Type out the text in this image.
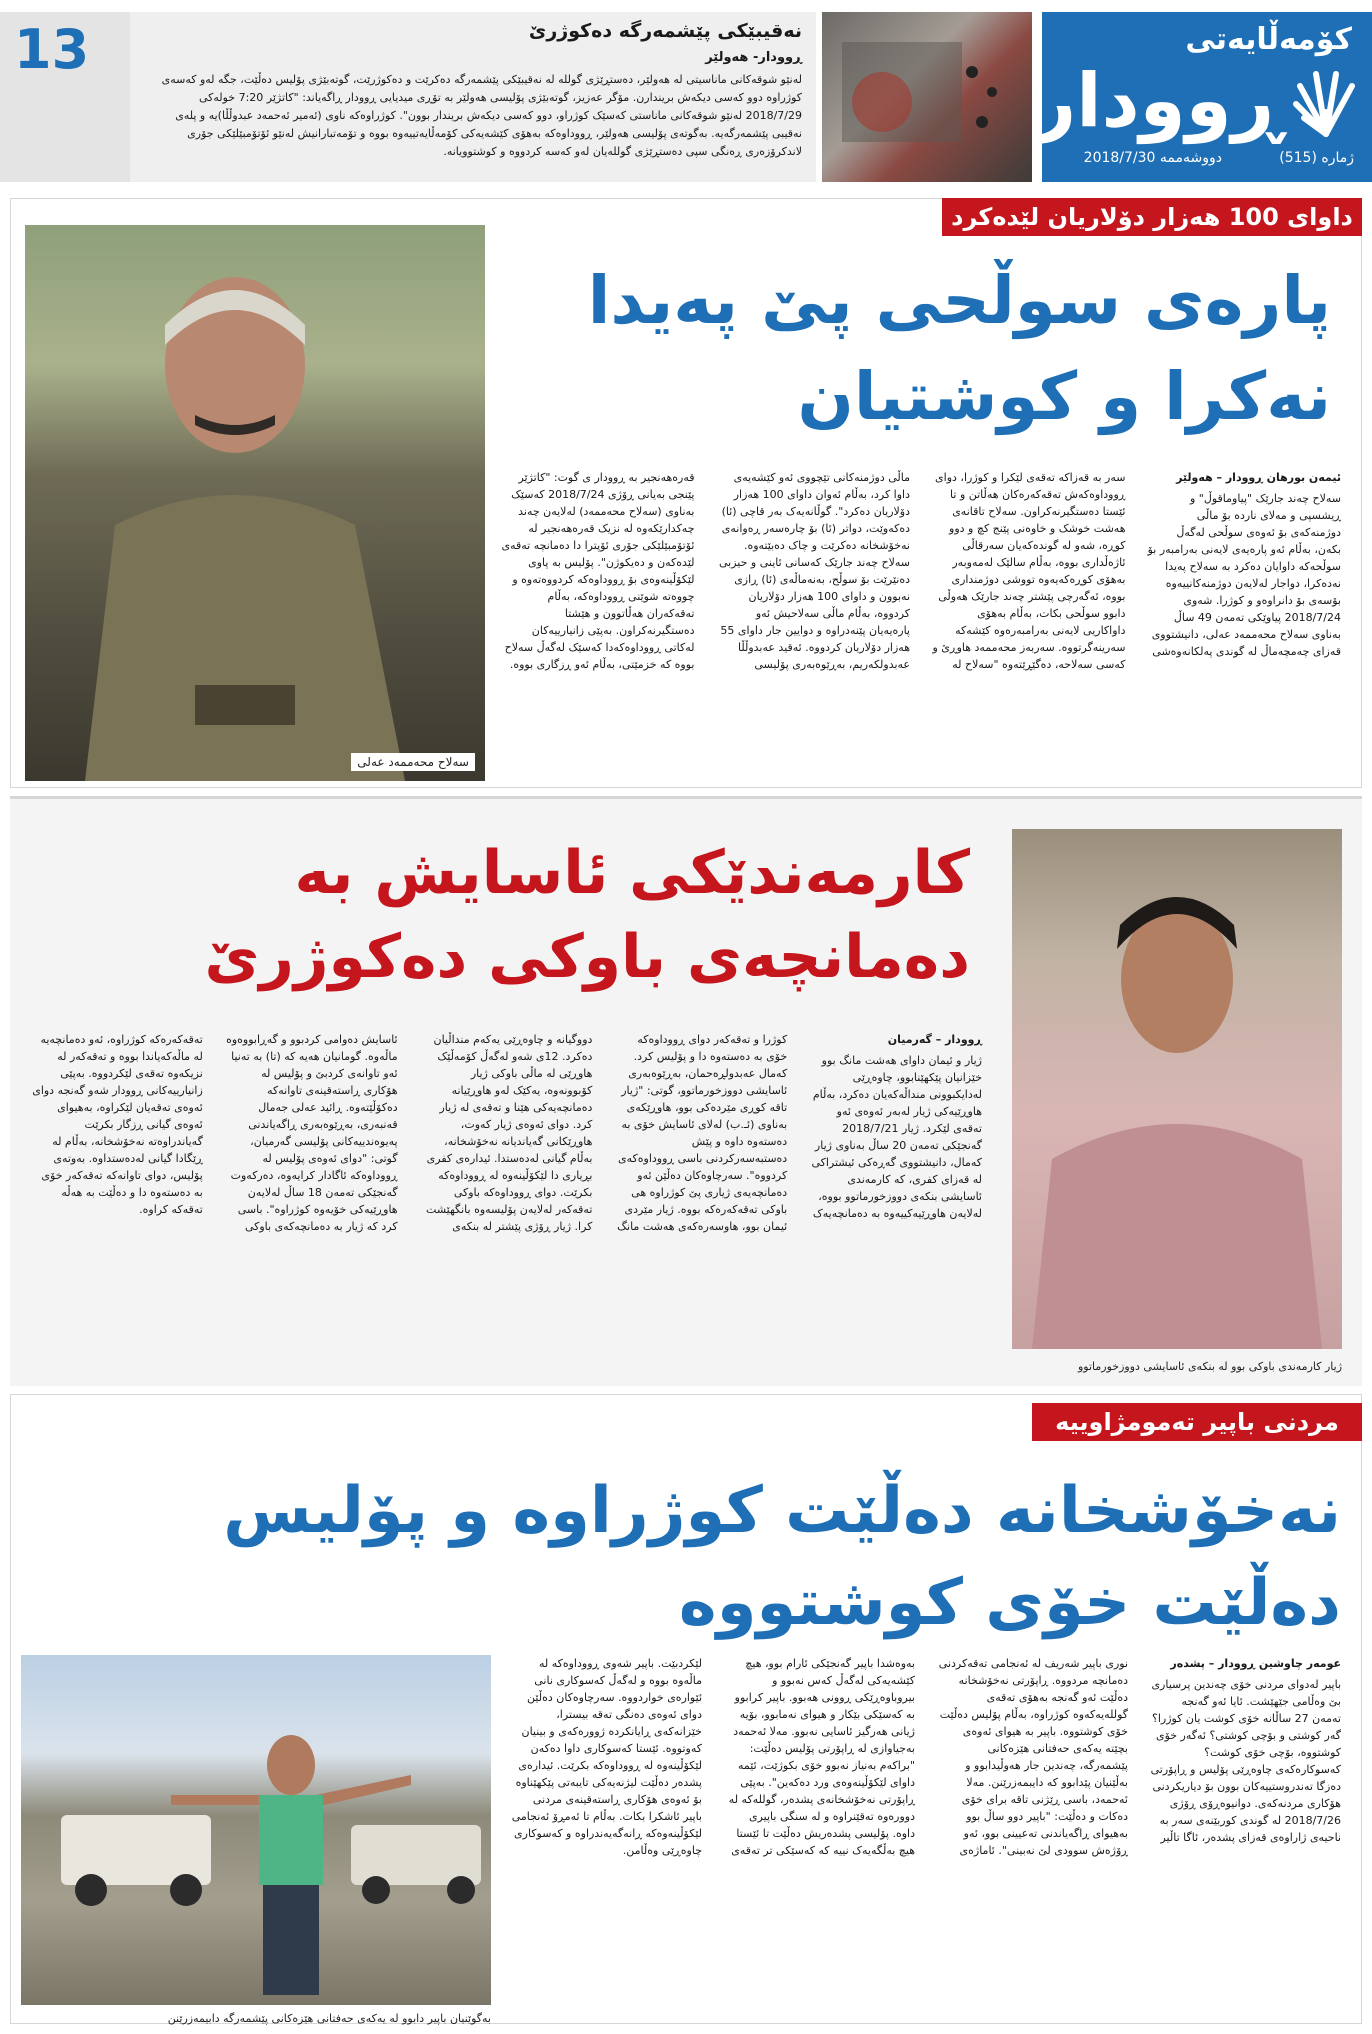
کۆمەڵایەتی
ڕوودار
ژمارە (515)
دووشەممە 2018/7/30
نەقیبێکی پێشمەرگە دەکوژرێ
ڕوودار- هەولێر
لەنێو شوقەکانی ماناسیتی لە هەولێر، دەستڕێژی گوللە لە نەقیبێکی پێشمەرگە دەکرێت و دەکوژرێت، گوتەبێژی پۆلیس دەڵێت، جگە لەو کەسەی کوژراوە دوو کەسی دیکەش بریندارن. مۆگر عەزیز، گوتەبێژی پۆلیسی هەولێر بە تۆڕی میدیایی ڕوودار ڕاگەیاند: "کاتژێر 7:20 خولەکی 2018/7/29 لەنێو شوقەکانی ماناستی کەسێک کوژراو، دوو کەسی دیکەش بریندار بوون". کوژراوەکە ناوی (ئەمیر ئەحمەد عبدوڵڵا)یە و پلەی نەقیبی پێشمەرگەیە. بەگوتەی پۆلیسی هەولێر، ڕووداوەکە بەهۆی کێشەیەکی کۆمەڵایەتییەوە بووە و تۆمەتبارانیش لەنێو ئۆتۆمبێلێکی جۆری لاندکرۆزەری ڕەنگی سپی دەستڕێژی گوللەیان لەو کەسە کردووە و کوشتوویانە.
13
داوای 100 هەزار دۆلاریان لێدەکرد
سەلاح محەممەد عەلی
پارەی سوڵحی پێ پەیدا نەکرا و کوشتیان
ئیمەن بورهان ڕوودار – هەولێر
سەلاح چەند جارێک "پیاوماقوڵ" و ڕیشسپی و مەلای ناردە بۆ ماڵی دوژمنەکەی بۆ ئەوەی سوڵحی لەگەڵ بکەن، بەڵام ئەو پارەیەی لایەنی بەرامبەر بۆ سوڵحەکە داوایان دەکرد بە سەلاح پەیدا نەدەکرا، دواجار لەلایەن دوژمنەکانییەوە بۆسەی بۆ دانراوەو و کوژرا. شەوی 2018/7/24 پیاوێکی تەمەن 49 ساڵ بەناوی سەلاح محەممەد عەلی، دانیشتووی قەزای چەمچەماڵ لە گوندی پەلکانەوەشی سەر بە قەزاکە تەقەی لێکرا و کوژرا، دوای ڕووداوەکەش تەقەکەرەکان هەڵاتن و تا ئێستا دەستگیرنەکراون. سەلاح تاقانەی هەشت خوشک و خاوەنی پێنج کچ و دوو کوڕە، شەو لە گوندەکەیان سەرقاڵی ئاژەڵداری بووە، بەڵام سالێک لەمەوبەر بەهۆی کوڕەکەیەوە تووشی دوژمنداری بووە، ئەگەرچی پێشتر چەند جارێک هەوڵی دابوو سوڵحی بکات، بەڵام بەهۆی داواکاریی لایەنی بەرامبەرەوە کێشەکە سەرینەگرتووە. سەربەز محەممەد هاوڕێ و کەسی سەلاحە، دەگێڕێتەوە "سەلاح لە ماڵی دوژمنەکانی تێچووی ئەو کێشەیەی داوا کرد، بەڵام ئەوان داوای 100 هەزار دۆلاریان دەکرد". گوڵانەیەک بەر قاچی (ئا) دەکەوێت، دواتر (ئا) بۆ چارەسەر ڕەوانەی نەخۆشخانە دەکرێت و چاک دەبێتەوە. سەلاح چەند جارێک کەسانی ئاینی و حیزبی دەنێرێت بۆ سوڵح، بەنەماڵەی (ئا) ڕازی نەبوون و داوای 100 هەزار دۆلاریان کردووە، بەڵام ماڵی سەلاحیش ئەو پارەیەیان پێنەدراوە و دوایین جار داوای 55 هەزار دۆلاریان کردووە. ئەقید عەبدوڵڵا عەبدولکەریم، بەڕێوەبەری پۆلیسی قەرەهەنجیر بە ڕوودار ی گوت: "کاتژێر پێنجی بەیانی ڕۆژی 2018/7/24 کەسێک بەناوی (سەلاح محەممەد) لەلایەن چەند چەکدارێکەوە لە نزیک قەرەهەنجیر لە ئۆتۆمبێلێکی جۆری ئۆپترا دا دەمانچە تەقەی لێدەکەن و دەیکوژن". پۆلیس بە پاوی لێکۆڵینەوەی بۆ ڕووداوەکە کردووەتەوە و چووەتە شوێنی ڕووداوەکە، بەڵام تەقەکەران هەڵاتوون و هێشتا دەستگیرنەکراون. بەپێی زانیارییەکان لەکاتی ڕووداوەکەدا کەسێک لەگەڵ سەلاح بووە کە خزمێتی، بەڵام ئەو ڕزگاری بووە.
ژیار کارمەندی باوکی بوو لە بنکەی ئاسایشی دووزخورماتوو
کارمەندێکی ئاسایش بە دەمانچەی باوکی دەکوژرێ
ڕوودار – گەرمیان
ژیار و ئیمان داوای هەشت مانگ بوو خێزانیان پێکهێنابوو، چاوەڕێی لەدایکبوونی منداڵەکەیان دەکرد، بەڵام هاوڕێیەکی ژیار لەبەر ئەوەی ئەو تەقەی لێکرد. ژیار 2018/7/21 گەنجێکی تەمەن 20 ساڵ بەناوی ژیار کەمال، دانیشتووی گەڕەکی ئیشتراکی لە قەزای کفری، کە کارمەندی ئاسایشی بنکەی دووزخورماتوو بووە، لەلایەن هاوڕێیەکییەوە بە دەمانچەیەک کوژرا و تەقەکەر دوای ڕووداوەکە خۆی بە دەستەوە دا و پۆلیس کرد. کەمال عەبدولڕەحمان، بەڕێوەبەری ئاسایشی دووزخورماتوو، گوتی: "ژیار تاقە کوڕی مێردەکی بوو، هاوڕێکەی بەناوی (ئـ.ب) لەلای ئاسایش خۆی بە دەستەوە داوە و پێش دەستبەسەرکردنی باسی ڕووداوەکەی کردووە". سەرچاوەکان دەڵێن ئەو دەمانچەیەی ژیاری پێ کوژراوە هی باوکی تەقەکەرەکە بووە. ژیار مێردی ئیمان بوو، هاوسەرەکەی هەشت مانگ دووگیانە و چاوەڕێی یەکەم منداڵیان دەکرد. 12ی شەو لەگەڵ کۆمەڵێک هاوڕێی لە ماڵی باوکی ژیار کۆبوونەوە، یەکێک لەو هاوڕێیانە دەمانچەیەکی هێنا و تەقەی لە ژیار کرد. دوای ئەوەی ژیار کەوت، هاوڕێکانی گەیاندیانە نەخۆشخانە، بەڵام گیانی لەدەستدا. ئیدارەی کفری بڕیاری دا لێکۆڵینەوە لە ڕووداوەکە بکرێت. دوای ڕووداوەکە باوکی تەقەکەر لەلایەن پۆلیسەوە بانگهێشت کرا. ژیار ڕۆژی پێشتر لە بنکەی ئاسایش دەوامی کردبوو و گەڕابووەوە ماڵەوە. گومانیان هەیە کە (تا) بە تەنیا ئەو تاوانەی کردبێ و پۆلیس لە هۆکاری ڕاستەقینەی تاوانەکە دەکۆڵێتەوە. ڕائید عەلی جەمال قەنبەری، بەڕێوەبەری ڕاگەیاندنی پەیوەندییەکانی پۆلیسی گەرمیان، گوتی: "دوای ئەوەی پۆلیس لە ڕووداوەکە ئاگادار کرایەوە، دەرکەوت گەنجێکی تەمەن 18 ساڵ لەلایەن هاوڕێیەکی خۆیەوە کوژراوە". باسی کرد کە ژیار بە دەمانچەکەی باوکی تەقەکەرەکە کوژراوە، ئەو دەمانچەیە لە ماڵەکەیاندا بووە و تەقەکەر لە نزیکەوە تەقەی لێکردووە. بەپێی زانیارییەکانی ڕوودار شەو گەنجە دوای ئەوەی تەقەیان لێکراوە، بەهیوای ئەوەی گیانی ڕزگار بکرێت گەیاندراوەتە نەخۆشخانە، بەڵام لە ڕێگادا گیانی لەدەستداوە. بەوتەی پۆلیس، دوای تاوانەکە تەقەکەر خۆی بە دەستەوە دا و دەڵێت بە هەڵە تەقەکە کراوە.
مردنی باپیر تەمومژاوییە
نەخۆشخانە دەڵێت کوژراوە و پۆلیس دەڵێت خۆی کوشتووە
بەگوێنیان باپیر دابوو لە یەکەی حەفتانی هێزەکانی پێشمەرگە دابیمەزرێنن
عومەر چاوشین ڕوودار – پشدەر
باپیر لەدوای مردنی خۆی چەندین پرسیاری بێ وەڵامی جێهێشت. ئایا ئەو گەنجە تەمەن 27 ساڵانە خۆی کوشت یان کوژرا؟ گەر کوشتی و بۆچی کوشتی؟ ئەگەر خۆی کوشتووە، بۆچی خۆی کوشت؟ کەسوکارەکەی چاوەڕێی پۆلیس و ڕاپۆرتی دەزگا تەندروستییەکان بوون بۆ دیاریکردنی هۆکاری مردنەکەی. دوانیوەڕۆی ڕۆژی 2018/7/26 لە گوندی کوربێنەی سەر بە ناحیەی ژاراوەی قەزای پشدەر، ئاگا تاڵیر نوری باپیر شەریف لە ئەنجامی تەقەکردنی دەمانچە مردووە. ڕاپۆرتی نەخۆشخانە دەڵێت ئەو گەنجە بەهۆی تەقەی گوللەیەکەوە کوژراوە، بەڵام پۆلیس دەڵێت خۆی کوشتووە. باپیر بە هیوای ئەوەی بچێتە یەکەی حەفتانی هێزەکانی پێشمەرگە، چەندین جار هەوڵیدابوو و بەڵێنیان پێدابوو کە دایبمەزرێنن. مەلا ئەحمەد، باسی ڕێژنی تاقە برای خۆی دەکات و دەڵێت: "باپیر دوو ساڵ بوو بەهیوای ڕاگەیاندنی تەعیینی بوو، ئەو ڕۆژەش سوودی لێ نەبینی". ئاماژەی بەوەشدا باپیر گەنجێکی ئارام بوو، هیچ کێشەیەکی لەگەڵ کەس نەبوو و بیروباوەڕێکی ڕوونی هەبوو. باپیر کرابوو بە کەسێکی بێکار و هیوای نەمابوو، بۆیە ژیانی هەرگیز ئاسایی نەبوو. مەلا ئەحمەد بەجیاوازی لە ڕاپۆرتی پۆلیس دەڵێت: "براکەم بەنیاز نەبوو خۆی بکوژێت، ئێمە داوای لێکۆڵینەوەی ورد دەکەین". بەپێی ڕاپۆرتی نەخۆشخانەی پشدەر، گوللەکە لە دوورەوە تەقێنراوە و لە سنگی باپیری داوە. پۆلیسی پشدەریش دەڵێت تا ئێستا هیچ بەڵگەیەک نییە کە کەسێکی تر تەقەی لێکردبێت. باپیر شەوی ڕووداوەکە لە ماڵەوە بووە و لەگەڵ کەسوکاری نانی ئێوارەی خواردووە. سەرچاوەکان دەڵێن دوای ئەوەی دەنگی تەقە بیسترا، خێزانەکەی ڕایانکردە ژوورەکەی و بینیان کەوتووە. ئێستا کەسوکاری داوا دەکەن لێکۆڵینەوە لە ڕووداوەکە بکرێت. ئیدارەی پشدەر دەڵێت لیژنەیەکی تایبەتی پێکهێناوە بۆ ئەوەی هۆکاری ڕاستەقینەی مردنی باپیر ئاشکرا بکات. بەڵام تا ئەمڕۆ ئەنجامی لێکۆڵینەوەکە ڕانەگەیەندراوە و کەسوکاری چاوەڕێی وەڵامن.
